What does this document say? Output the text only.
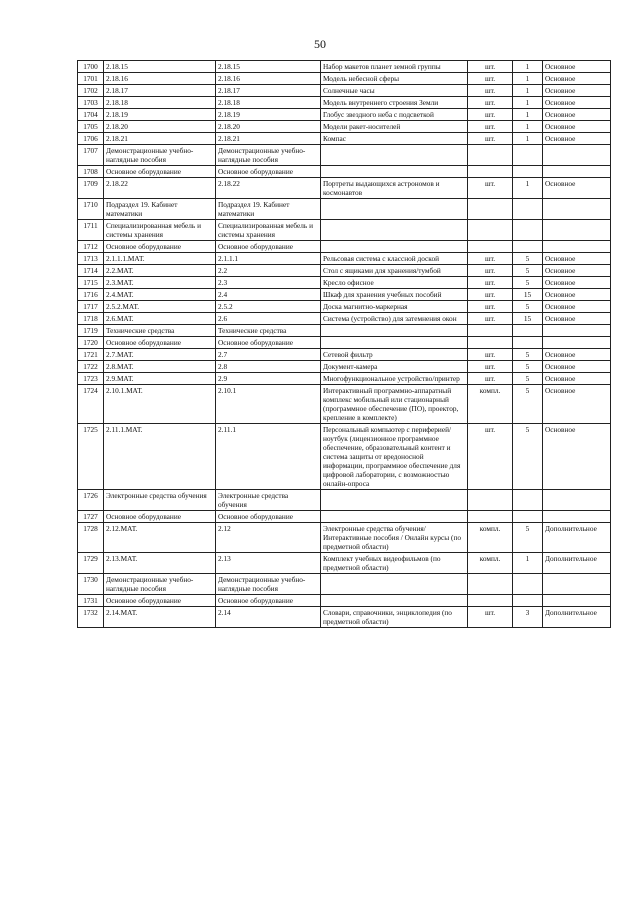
50
1700	2.18.15	2.18.15	Набор макетов планет земной группы	шт.	1	Основное
1701	2.18.16	2.18.16	Модель небесной сферы	шт.	1	Основное
1702	2.18.17	2.18.17	Солнечные часы	шт.	1	Основное
1703	2.18.18	2.18.18	Модель внутреннего строения Земли	шт.	1	Основное
1704	2.18.19	2.18.19	Глобус звездного неба с подсветкой	шт.	1	Основное
1705	2.18.20	2.18.20	Модели ракет-носителей	шт.	1	Основное
1706	2.18.21	2.18.21	Компас	шт.	1	Основное
1707	Демонстрационные учебно-наглядные пособия	Демонстрационные учебно-наглядные пособия				
1708	Основное оборудование	Основное оборудование				
1709	2.18.22	2.18.22	Портреты выдающихся астрономов и космонавтов	шт.	1	Основное
1710	Подраздел 19. Кабинет математики	Подраздел 19. Кабинет математики				
1711	Специализированная мебель и системы хранения	Специализированная мебель и системы хранения				
1712	Основное оборудование	Основное оборудование				
1713	2.1.1.1.МАТ.	2.1.1.1	Рельсовая система с классной доской	шт.	5	Основное
1714	2.2.МАТ.	2.2	Стол с ящиками для хранения/тумбой	шт.	5	Основное
1715	2.3.МАТ.	2.3	Кресло офисное	шт.	5	Основное
1716	2.4.МАТ.	2.4	Шкаф для хранения учебных пособий	шт.	15	Основное
1717	2.5.2.МАТ.	2.5.2	Доска магнитно-маркерная	шт.	5	Основное
1718	2.6.МАТ.	2.6	Система (устройство) для затемнения окон	шт.	15	Основное
1719	Технические средства	Технические средства				
1720	Основное оборудование	Основное оборудование				
1721	2.7.МАТ.	2.7	Сетевой фильтр	шт.	5	Основное
1722	2.8.МАТ.	2.8	Документ-камера	шт.	5	Основное
1723	2.9.МАТ.	2.9	Многофункциональное устройство/принтер	шт.	5	Основное
1724	2.10.1.МАТ.	2.10.1	Интерактивный программно-аппаратный комплекс мобильный или стационарный (программное обеспечение (ПО), проектор, крепление в комплекте)	компл.	5	Основное
1725	2.11.1.МАТ.	2.11.1	Персональный компьютер с периферией/ноутбук (лицензионное программное обеспечение, образовательный контент и система защиты от вредоносной информации, программное обеспечение для цифровой лаборатории, с возможностью онлайн-опроса	шт.	5	Основное
1726	Электронные средства обучения	Электронные средства обучения				
1727	Основное оборудование	Основное оборудование				
1728	2.12.МАТ.	2.12	Электронные средства обучения/Интерактивные пособия / Онлайн курсы (по предметной области)	компл.	5	Дополнительное
1729	2.13.МАТ.	2.13	Комплект учебных видеофильмов (по предметной области)	компл.	1	Дополнительное
1730	Демонстрационные учебно-наглядные пособия	Демонстрационные учебно-наглядные пособия				
1731	Основное оборудование	Основное оборудование				
1732	2.14.МАТ.	2.14	Словари, справочники, энциклопедия (по предметной области)	шт.	3	Дополнительное
